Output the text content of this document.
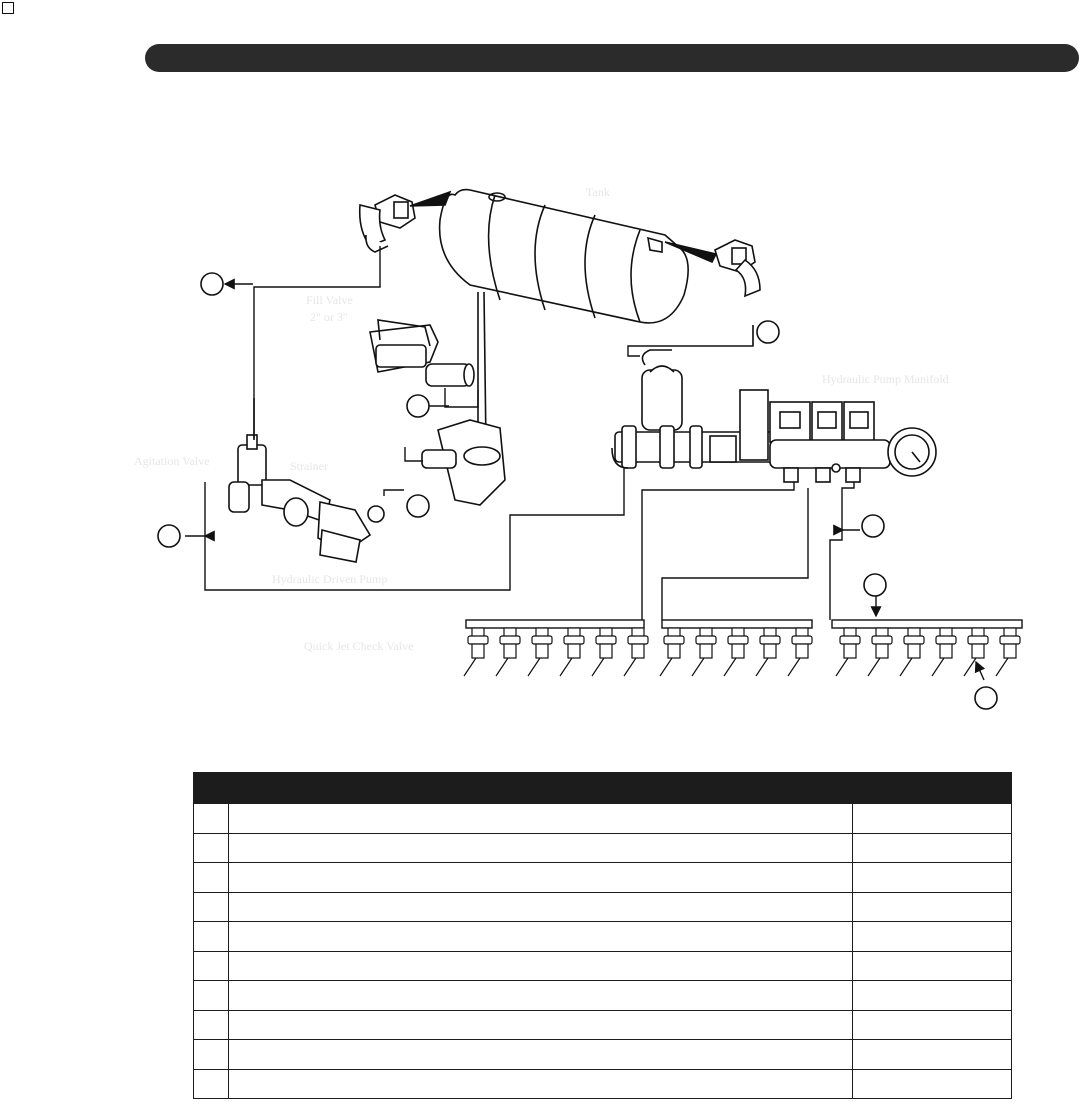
Tank
Fill Valve
2" or 3"
Hydraulic Pump Manifold
Agitation Valve	Strainer
Hydraulic Driven Pump
Quick Jet Check Valve
